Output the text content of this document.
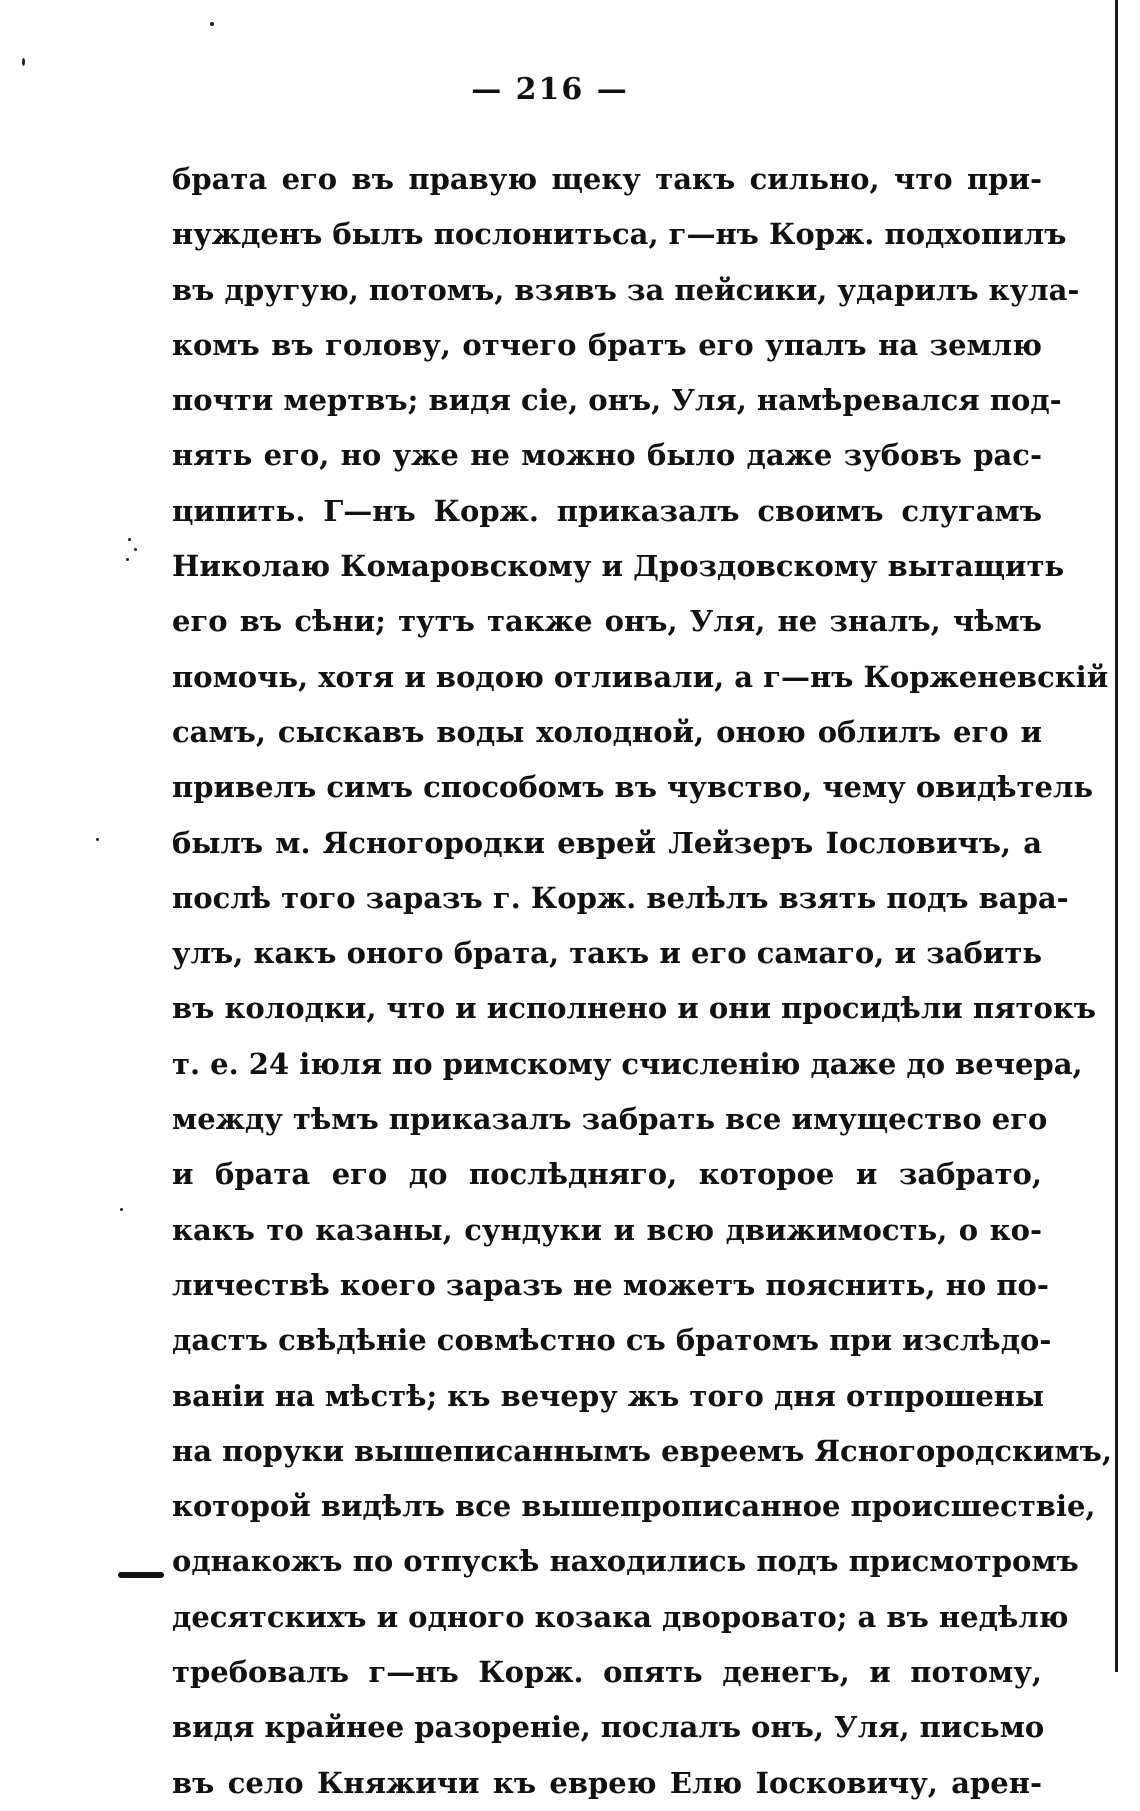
— 216 —
брата его въ правую щеку такъ сильно, что при-
нужденъ былъ послонитьса, г—нъ Корж. подхопилъ
въ другую, потомъ, взявъ за пейсики, ударилъ кула-
комъ въ голову, отчего братъ его упалъ на землю
почти мертвъ; видя сie, онъ, Уля, намѣревался под-
нять его, но уже не можно было даже зубовъ рас-
ципить. Г—нъ Корж. приказалъ своимъ слугамъ
Николаю Комаровскому и Дроздовскому вытащить
его въ сѣни; тутъ также онъ, Уля, не зналъ, чѣмъ
помочь, хотя и водою отливали, а г—нъ Корженевскiй
самъ, сыскавъ воды холодной, оною облилъ его и
привелъ симъ способомъ въ чувство, чему овидѣтель
былъ м. Ясногородки еврей Лейзеръ Iословичъ, а
послѣ того заразъ г. Корж. велѣлъ взять подъ вара-
улъ, какъ оного брата, такъ и его самаго, и забить
въ колодки, что и исполнено и они просидѣли пятокъ
т. е. 24 iюля по римскому счисленiю даже до вечера,
между тѣмъ приказалъ забрать все имущество его
и брата его до послѣдняго, которое и забрато,
какъ то казаны, сундуки и всю движимость, о ко-
личествѣ коего заразъ не можетъ пояснить, но по-
дастъ свѣдѣнiе совмѣстно съ братомъ при изслѣдо-
ванiи на мѣстѣ; къ вечеру жъ того дня отпрошены
на поруки вышеписаннымъ евреемъ Ясногородскимъ,
которой видѣлъ все вышепрописанное происшествiе,
однакожъ по отпускѣ находились подъ присмотромъ
десятскихъ и одного козака дворовато; а въ недѣлю
требовалъ г—нъ Корж. опять денегъ, и потому,
видя крайнее разоренiе, послалъ онъ, Уля, письмо
въ село Княжичи къ еврею Елю Iосковичу, арен-
